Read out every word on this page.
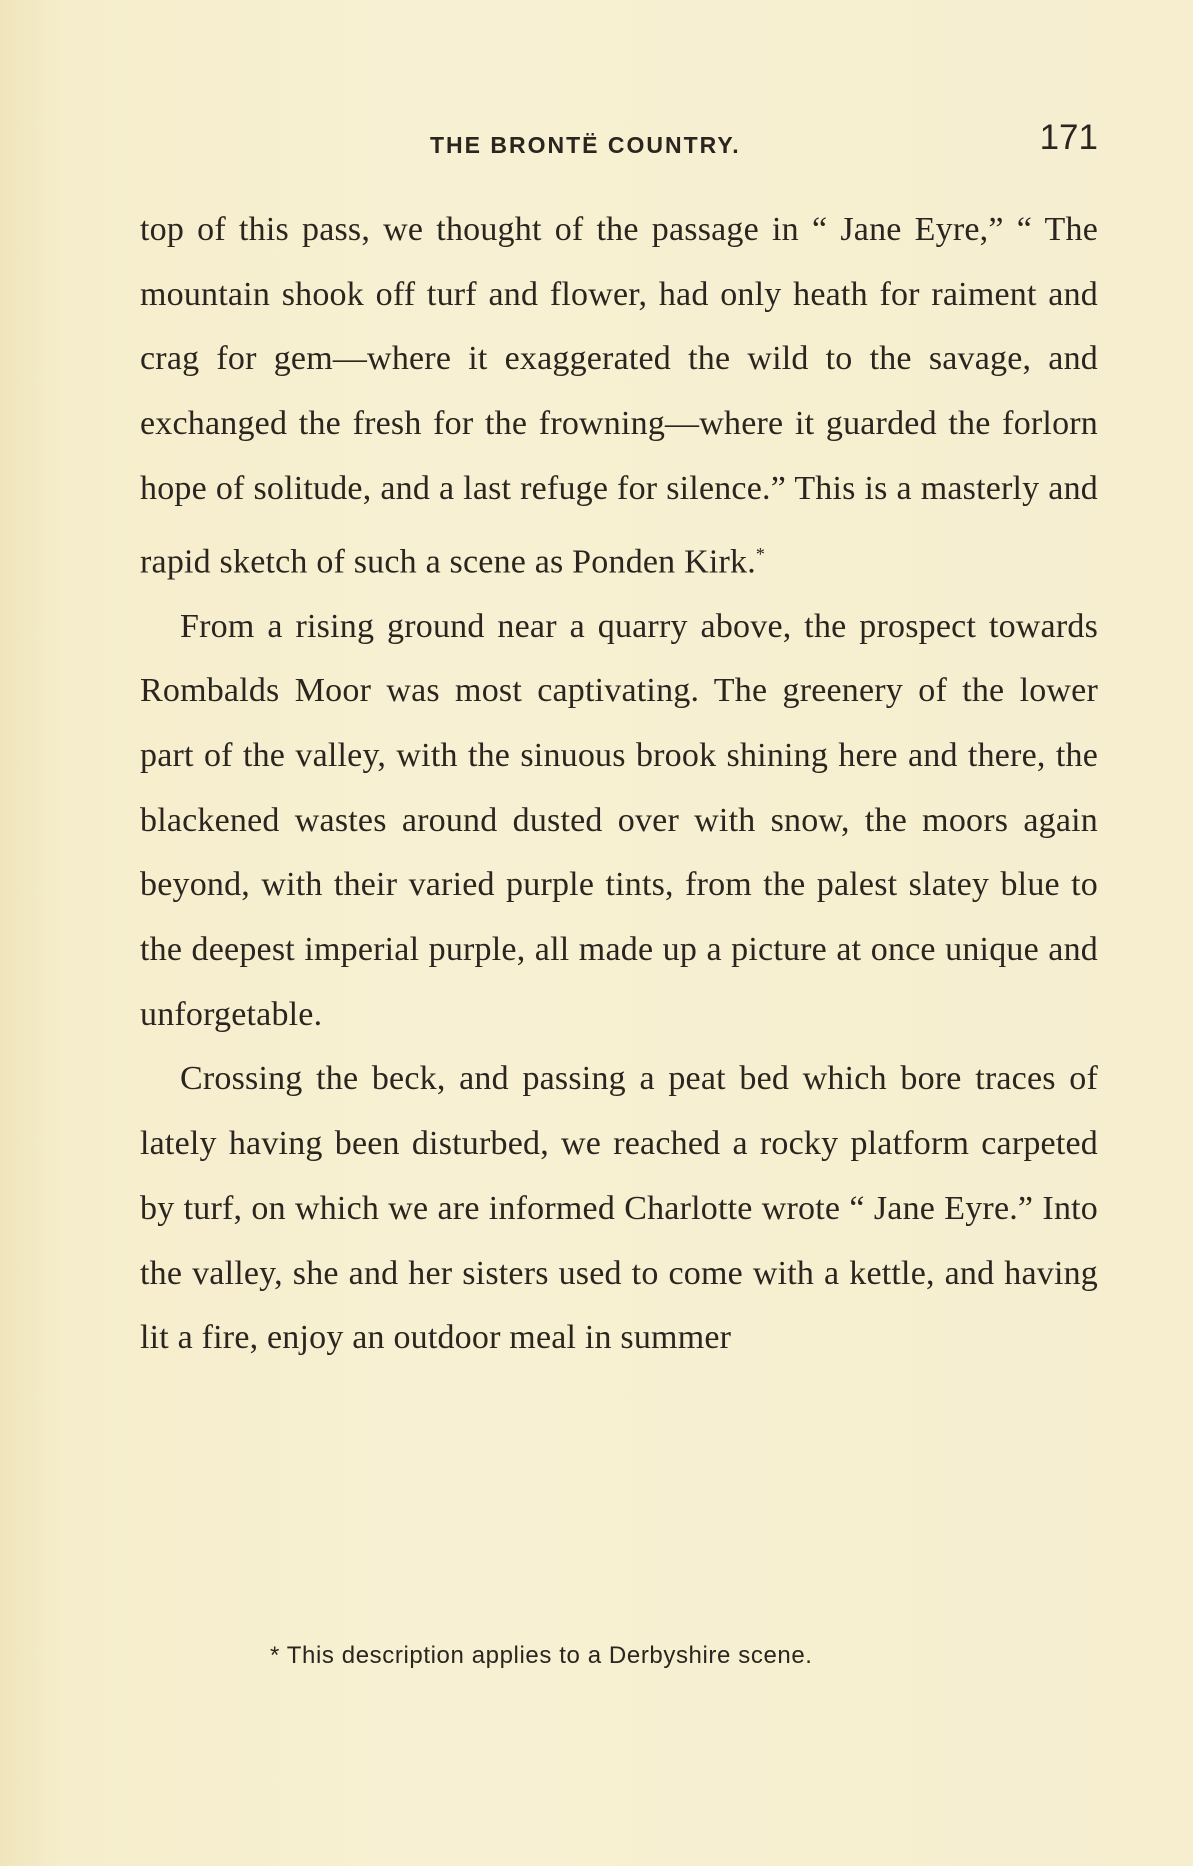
THE BRONTË COUNTRY.	171

top of this pass, we thought of the passage in “ Jane Eyre,” “ The mountain shook off turf and flower, had only heath for raiment and crag for gem—where it exaggerated the wild to the savage, and exchanged the fresh for the frowning—where it guarded the forlorn hope of solitude, and a last refuge for silence.” This is a masterly and rapid sketch of such a scene as Ponden Kirk.*

From a rising ground near a quarry above, the prospect towards Rombalds Moor was most captivating. The greenery of the lower part of the valley, with the sinuous brook shining here and there, the blackened wastes around dusted over with snow, the moors again beyond, with their varied purple tints, from the palest slatey blue to the deepest imperial purple, all made up a picture at once unique and unforgetable.

Crossing the beck, and passing a peat bed which bore traces of lately having been disturbed, we reached a rocky platform carpeted by turf, on which we are informed Charlotte wrote “ Jane Eyre.” Into the valley, she and her sisters used to come with a kettle, and having lit a fire, enjoy an outdoor meal in summer

* This description applies to a Derbyshire scene.
